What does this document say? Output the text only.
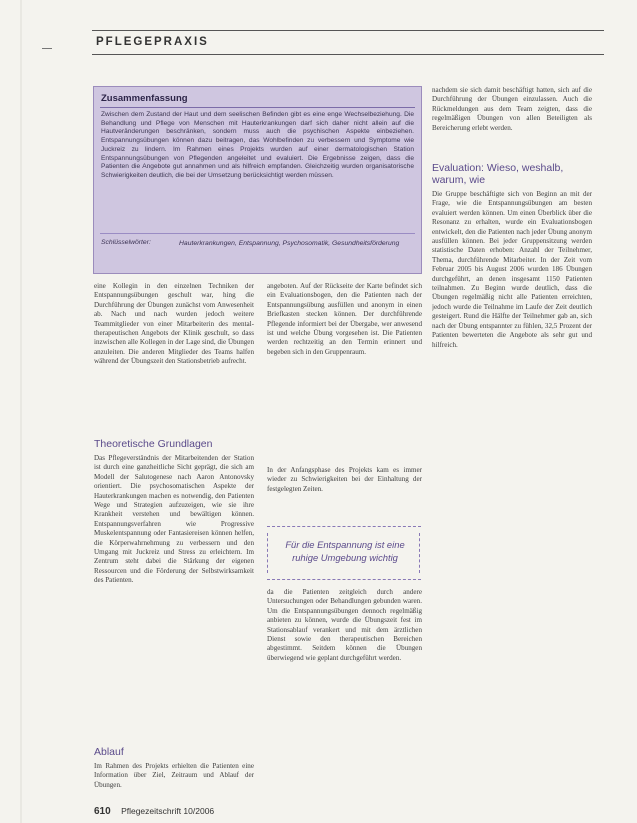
PFLEGEPRAXIS
Zusammenfassung
Zwischen dem Zustand der Haut und dem seelischen Befinden gibt es eine enge Wechselbeziehung. Die Behandlung und Pflege von Menschen mit Hauterkrankungen darf sich daher nicht allein auf die Hautveränderungen beschränken, sondern muss auch die psychischen Aspekte einbeziehen. Entspannungsübungen können dazu beitragen, das Wohlbefinden zu verbessern und Symptome wie Juckreiz zu lindern. Im Rahmen eines Projekts wurden auf einer dermatologischen Station Entspannungsübungen von Pflegenden angeleitet und evaluiert. Die Ergebnisse zeigen, dass die Patienten die Angebote gut annahmen und als hilfreich empfanden. Gleichzeitig wurden organisatorische Schwierigkeiten deutlich, die bei der Umsetzung berücksichtigt werden müssen.
Schlüsselwörter:	Hauterkrankungen, Entspannung, Psychosomatik, Gesundheitsförderung

eine Kollegin in den einzelnen Techniken der Entspannungsübungen geschult war, hing die Durchführung der Übungen zunächst vom Anwesenheit ab. Nach und nach wurden jedoch weitere Teammitglieder von einer Mitarbeiterin des mental-therapeutischen Angebots der Klinik geschult, so dass inzwischen alle Kollegen in der Lage sind, die Übungen anzuleiten. Die anderen Mitglieder des Teams halfen während der Übungszeit den Stationsbetrieb aufrecht.

Theoretische Grundlagen

Das Pflegeverständnis der Mitarbeitenden der Station ist durch eine ganzheitliche Sicht geprägt, die sich am Modell der Salutogenese nach Aaron Antonovsky orientiert. Die psychosomatischen Aspekte der Hauterkrankungen machen es notwendig, den Patienten Wege und Strategien aufzuzeigen, wie sie ihre Krankheit verstehen und bewältigen können. Entspannungsverfahren wie Progressive Muskelentspannung oder Fantasiereisen können helfen, die Körperwahrnehmung zu verbessern und den Umgang mit Juckreiz und Stress zu erleichtern. Im Zentrum steht dabei die Stärkung der eigenen Ressourcen und die Förderung der Selbstwirksamkeit des Patienten.

Ablauf

Im Rahmen des Projekts erhielten die Patienten eine Information über Ziel, Zeitraum und Ablauf der Übungen.

angeboten. Auf der Rückseite der Karte befindet sich ein Evaluationsbogen, den die Patienten nach der Entspannungsübung ausfüllen und anonym in einen Briefkasten stecken können. Der durchführende Pflegende informiert bei der Übergabe, wer anwesend ist und welche Übung vorgesehen ist. Die Patienten werden rechtzeitig an den Termin erinnert und begeben sich in den Gruppenraum.

In der Anfangsphase des Projekts kam es immer wieder zu Schwierigkeiten bei der Einhaltung der festgelegten Zeiten.

Für die Entspannung ist eine ruhige Umgebung wichtig

da die Patienten zeitgleich durch andere Untersuchungen oder Behandlungen gebunden waren. Um die Entspannungsübungen dennoch regelmäßig anbieten zu können, wurde die Übungszeit fest im Stationsablauf verankert und mit dem ärztlichen Dienst sowie den therapeutischen Bereichen abgestimmt. Seitdem können die Übungen überwiegend wie geplant durchgeführt werden.

nachdem sie sich damit beschäftigt hatten, sich auf die Durchführung der Übungen einzulassen. Auch die Rückmeldungen aus dem Team zeigten, dass die regelmäßigen Übungen von allen Beteiligten als Bereicherung erlebt werden.

Evaluation: Wieso, weshalb, warum, wie

Die Gruppe beschäftigte sich von Beginn an mit der Frage, wie die Entspannungsübungen am besten evaluiert werden können. Um einen Überblick über die Resonanz zu erhalten, wurde ein Evaluationsbogen entwickelt, den die Patienten nach jeder Übung anonym ausfüllen können. Bei jeder Gruppensitzung werden statistische Daten erhoben: Anzahl der Teilnehmer, Thema, durchführende Mitarbeiter. In der Zeit vom Februar 2005 bis August 2006 wurden 186 Übungen durchgeführt, an denen insgesamt 1150 Patienten teilnahmen. Zu Beginn wurde deutlich, dass die Übungen regelmäßig nicht alle Patienten erreichten, jedoch wurde die Teilnahme im Laufe der Zeit deutlich gesteigert. Rund die Hälfte der Teilnehmer gab an, sich nach der Übung entspannter zu fühlen, 32,5 Prozent der Patienten bewerteten die Angebote als sehr gut und hilfreich.

610 Pflegezeitschrift 10/2006
